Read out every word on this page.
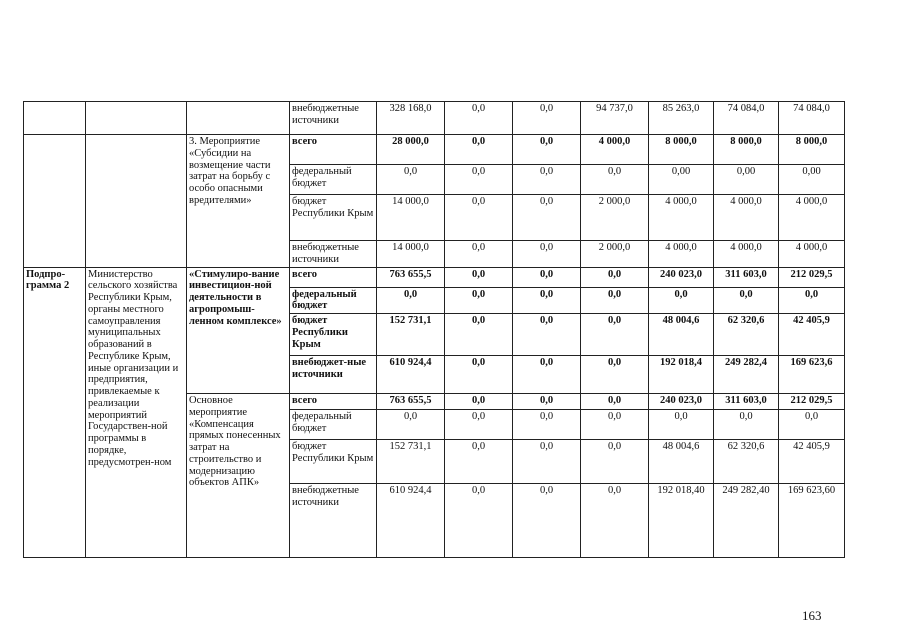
			внебюджетные источники	328 168,0	0,0	0,0	94 737,0	85 263,0	74 084,0	74 084,0
		3. Мероприятие «Субсидии на возмещение части затрат на борьбу с особо опасными вредителями»	всего	28 000,0	0,0	0,0	4 000,0	8 000,0	8 000,0	8 000,0
			федеральный бюджет	0,0	0,0	0,0	0,0	0,00	0,00	0,00
			бюджет Республики Крым	14 000,0	0,0	0,0	2 000,0	4 000,0	4 000,0	4 000,0
			внебюджетные источники	14 000,0	0,0	0,0	2 000,0	4 000,0	4 000,0	4 000,0
Подпро-грамма 2	Министерство сельского хозяйства Республики Крым, органы местного самоуправления муниципальных образований в Республике Крым, иные организации и предприятия, привлекаемые к реализации мероприятий Государствен-ной программы в порядке, предусмотрен-ном	«Стимулиро-вание инвестицион-ной деятельности в агропромыш-ленном комплексе»	всего	763 655,5	0,0	0,0	0,0	240 023,0	311 603,0	212 029,5
			федеральный бюджет	0,0	0,0	0,0	0,0	0,0	0,0	0,0
			бюджет Республики Крым	152 731,1	0,0	0,0	0,0	48 004,6	62 320,6	42 405,9
			внебюджет-ные источники	610 924,4	0,0	0,0	0,0	192 018,4	249 282,4	169 623,6
		Основное мероприятие «Компенсация прямых понесенных затрат на строительство и модернизацию объектов АПК»	всего	763 655,5	0,0	0,0	0,0	240 023,0	311 603,0	212 029,5
			федеральный бюджет	0,0	0,0	0,0	0,0	0,0	0,0	0,0
			бюджет Республики Крым	152 731,1	0,0	0,0	0,0	48 004,6	62 320,6	42 405,9
			внебюджетные источники	610 924,4	0,0	0,0	0,0	192 018,40	249 282,40	169 623,60
163
